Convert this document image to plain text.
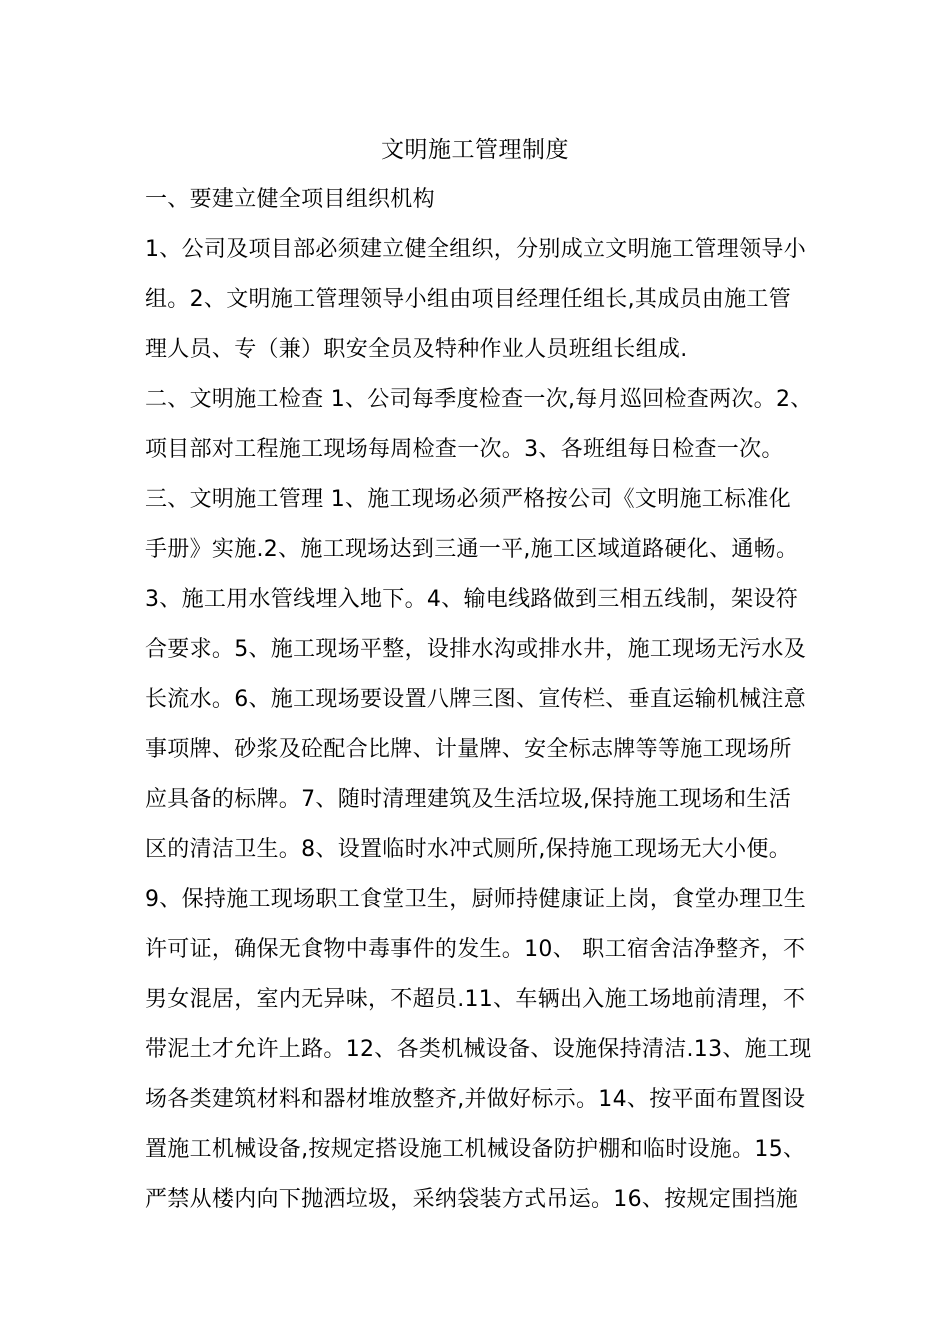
文明施工管理制度
一、要建立健全项目组织机构
1、公司及项目部必须建立健全组织，分别成立文明施工管理领导小
组。2、文明施工管理领导小组由项目经理任组长,其成员由施工管
理人员、专（兼）职安全员及特种作业人员班组长组成.
二、文明施工检查 1、公司每季度检查一次,每月巡回检查两次。2、
项目部对工程施工现场每周检查一次。3、各班组每日检查一次。
三、文明施工管理 1、施工现场必须严格按公司《文明施工标准化
手册》实施.2、施工现场达到三通一平,施工区域道路硬化、通畅。
3、施工用水管线埋入地下。4、输电线路做到三相五线制，架设符
合要求。5、施工现场平整，设排水沟或排水井，施工现场无污水及
长流水。6、施工现场要设置八牌三图、宣传栏、垂直运输机械注意
事项牌、砂浆及砼配合比牌、计量牌、安全标志牌等等施工现场所
应具备的标牌。7、随时清理建筑及生活垃圾,保持施工现场和生活
区的清洁卫生。8、设置临时水冲式厕所,保持施工现场无大小便。
9、保持施工现场职工食堂卫生，厨师持健康证上岗，食堂办理卫生
许可证，确保无食物中毒事件的发生。10、 职工宿舍洁净整齐，不
男女混居，室内无异味，不超员.11、车辆出入施工场地前清理，不
带泥土才允许上路。12、各类机械设备、设施保持清洁.13、施工现
场各类建筑材料和器材堆放整齐,并做好标示。14、按平面布置图设
置施工机械设备,按规定搭设施工机械设备防护棚和临时设施。15、
严禁从楼内向下抛洒垃圾，采纳袋装方式吊运。16、按规定围挡施
